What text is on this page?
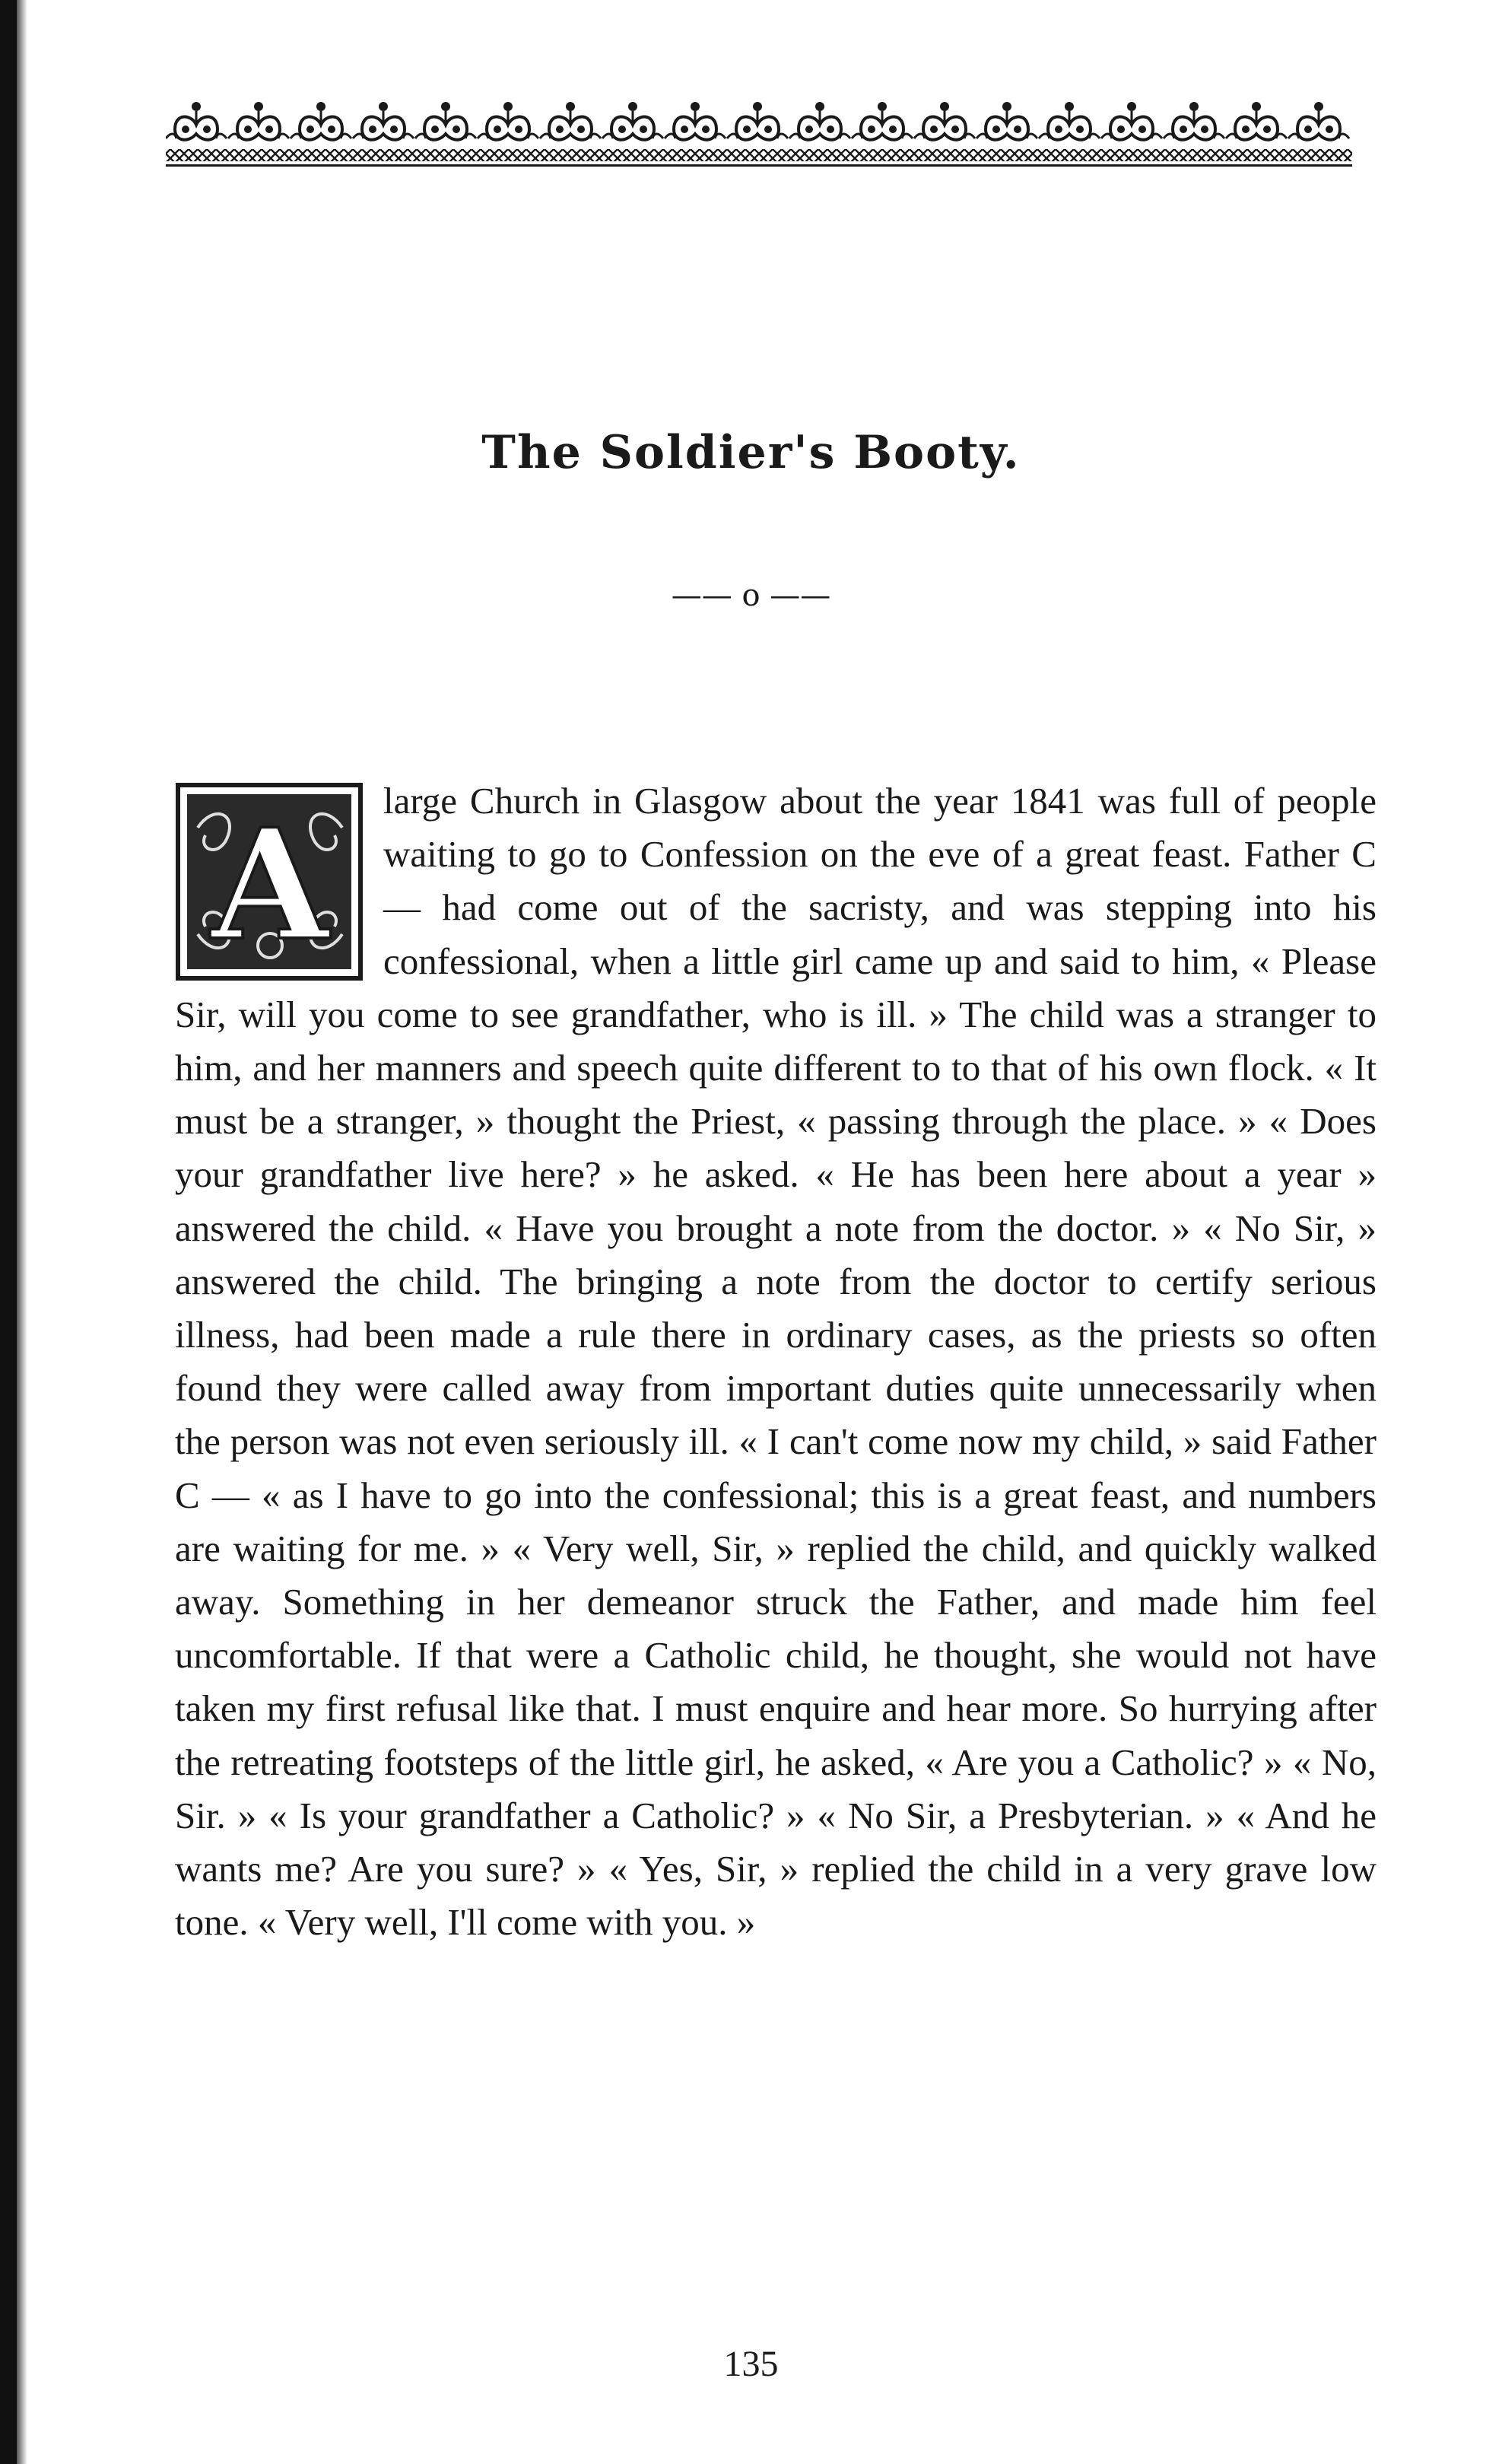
The Soldier's Booty.
—— o ——
A	large Church in Glasgow about the year 1841 was full of people waiting to go to Confession on the eve of a great feast. Father C — had come out of the sacristy, and was stepping into his confessional, when a little girl came up and said to him, « Please Sir, will you come to see grandfather, who is ill. » The child was a stranger to him, and her manners and speech quite different to to that of his own flock. « It must be a stranger, » thought the Priest, « passing through the place. » « Does your grandfather live here? » he asked. « He has been here about a year » answered the child. « Have you brought a note from the doctor. » « No Sir, » answered the child. The bringing a note from the doctor to certify serious illness, had been made a rule there in ordinary cases, as the priests so often found they were called away from important duties quite unnecessarily when the person was not even seriously ill. « I can't come now my child, » said Father C — « as I have to go into the confessional; this is a great feast, and numbers are waiting for me. » « Very well, Sir, » replied the child, and quickly walked away. Something in her demeanor struck the Father, and made him feel uncomfortable. If that were a Catholic child, he thought, she would not have taken my first refusal like that. I must enquire and hear more. So hurrying after the retreating footsteps of the little girl, he asked, « Are you a Catholic? » « No, Sir. » « Is your grandfather a Catholic? » « No Sir, a Presbyterian. » « And he wants me? Are you sure? » « Yes, Sir, » replied the child in a very grave low tone. « Very well, I'll come with you. »

135
